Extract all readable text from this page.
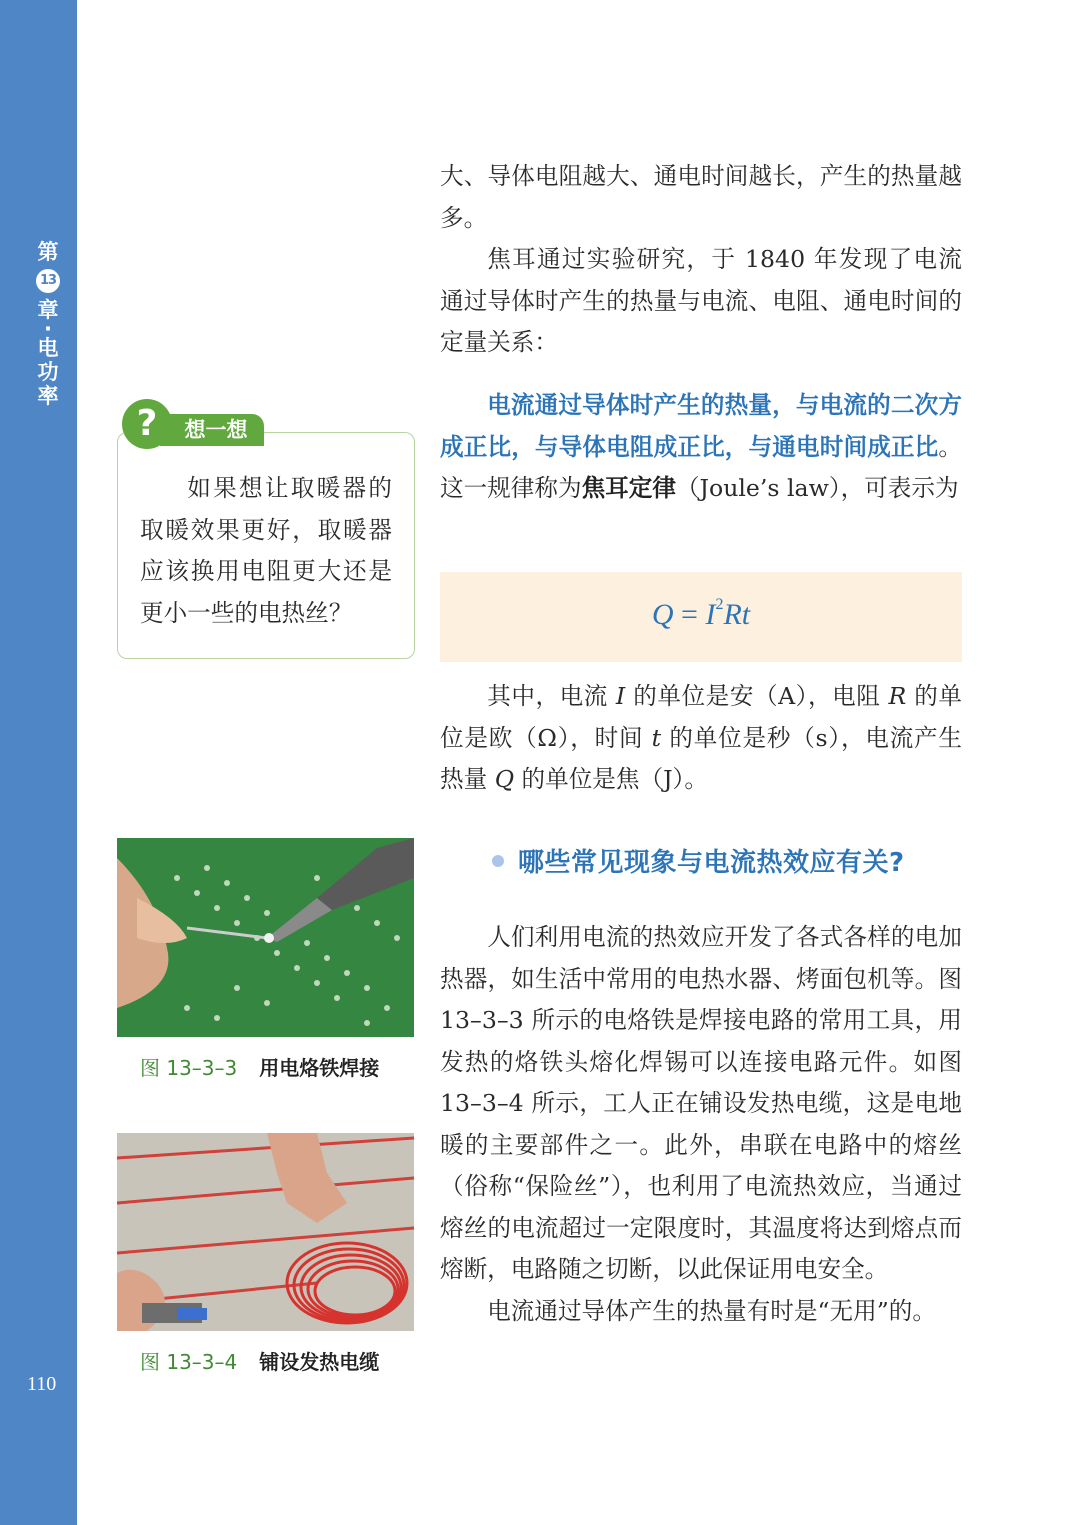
第
13
章
·
电功率
110

大、导体电阻越大、通电时间越长，产生的热量越多。

焦耳通过实验研究，于 1840 年发现了电流通过导体时产生的热量与电流、电阻、通电时间的定量关系：

电流通过导体时产生的热量，与电流的二次方成正比，与导体电阻成正比，与通电时间成正比。这一规律称为焦耳定律（Joule’s law），可表示为

$Q = I^2Rt$

其中，电流 I 的单位是安（A），电阻 R 的单位是欧（Ω），时间 t 的单位是秒（s），电流产生热量 Q 的单位是焦（J）。

哪些常见现象与电流热效应有关?

人们利用电流的热效应开发了各式各样的电加热器，如生活中常用的电热水器、烤面包机等。图 13–3–3 所示的电烙铁是焊接电路的常用工具，用发热的烙铁头熔化焊锡可以连接电路元件。如图 13–3–4 所示，工人正在铺设发热电缆，这是电地暖的主要部件之一。此外，串联在电路中的熔丝（俗称“保险丝”），也利用了电流热效应，当通过熔丝的电流超过一定限度时，其温度将达到熔点而熔断，电路随之切断，以此保证用电安全。

电流通过导体产生的热量有时是“无用”的。

想一想
?
如果想让取暖器的取暖效果更好，取暖器应该换用电阻更大还是更小一些的电热丝？
图 13–3–3 用电烙铁焊接
图 13–3–4 铺设发热电缆
